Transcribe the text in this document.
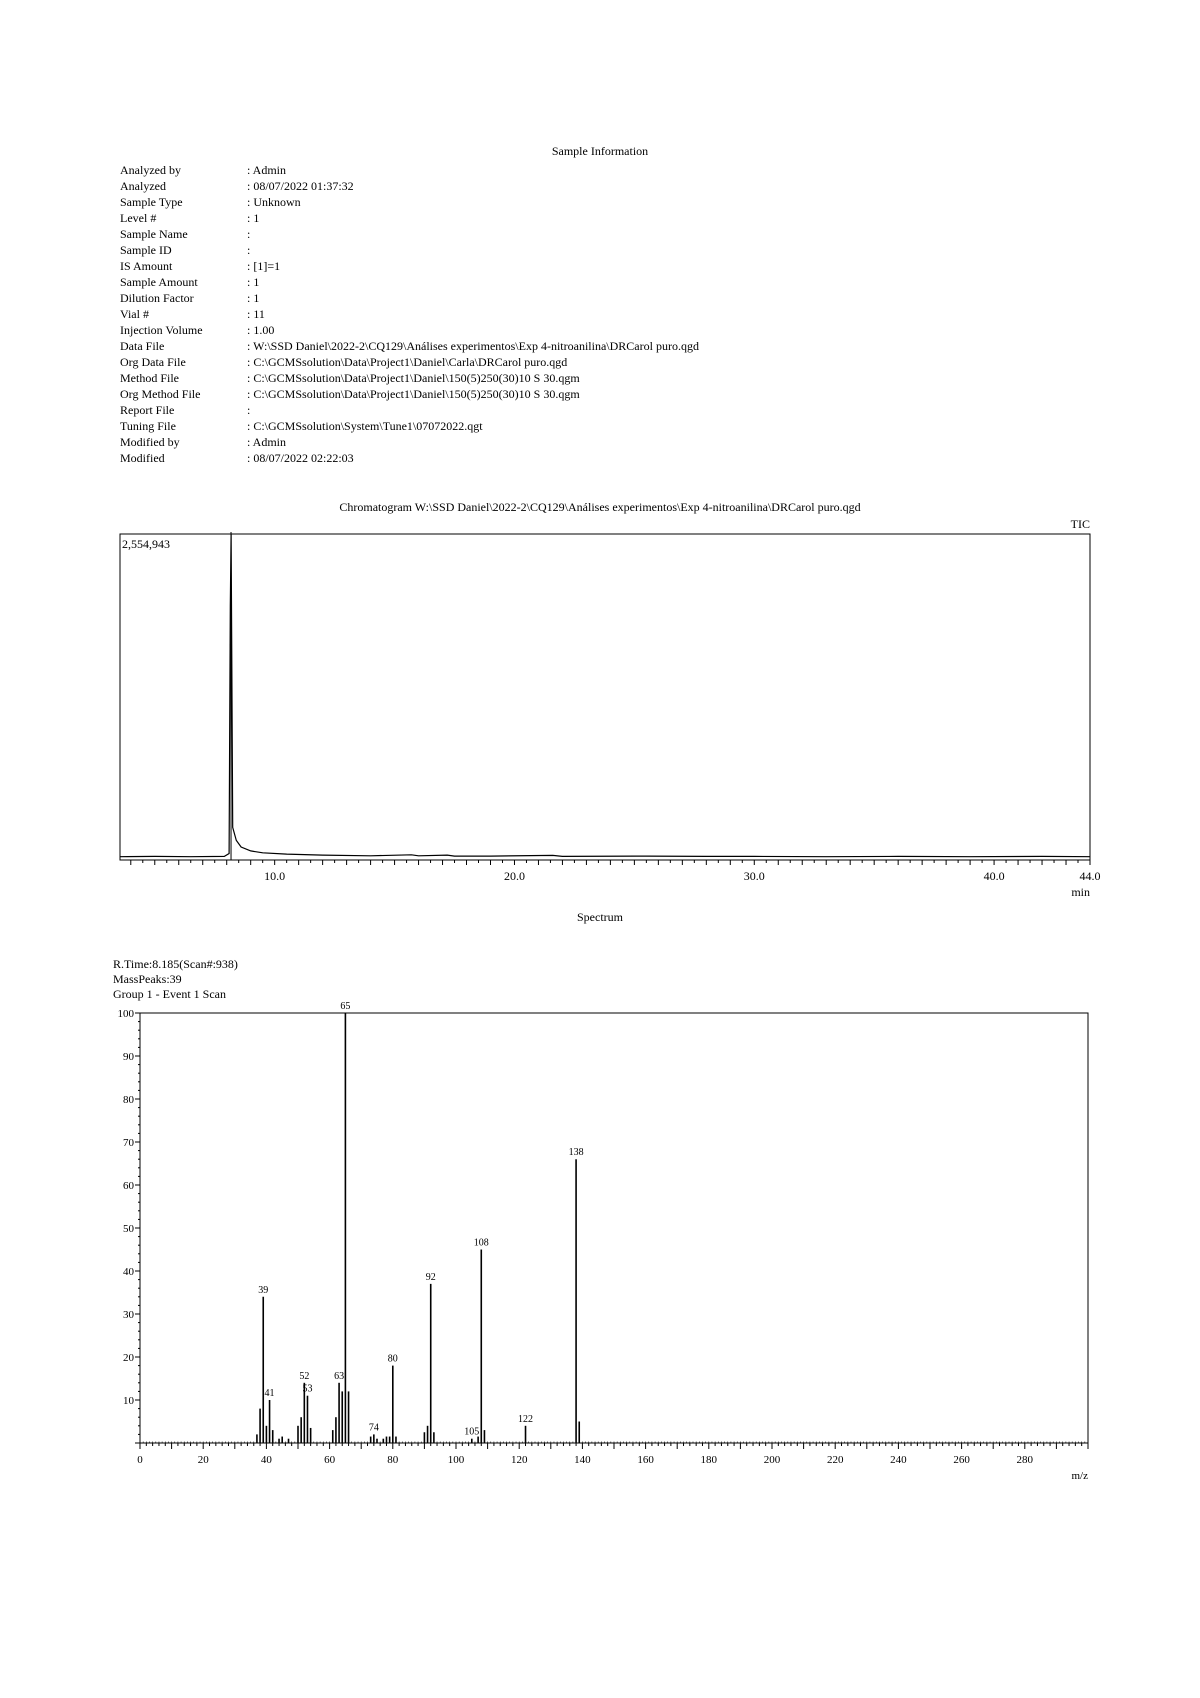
Sample Information
Analyzed by	: Admin
Analyzed	: 08/07/2022 01:37:32
Sample Type	: Unknown
Level #	: 1
Sample Name	:
Sample ID	:
IS Amount	: [1]=1
Sample Amount	: 1
Dilution Factor	: 1
Vial #	: 11
Injection Volume	: 1.00
Data File	: W:\SSD Daniel\2022-2\CQ129\Análises experimentos\Exp 4-nitroanilina\DRCarol puro.qgd
Org Data File	: C:\GCMSsolution\Data\Project1\Daniel\Carla\DRCarol puro.qgd
Method File	: C:\GCMSsolution\Data\Project1\Daniel\150(5)250(30)10 S 30.qgm
Org Method File	: C:\GCMSsolution\Data\Project1\Daniel\150(5)250(30)10 S 30.qgm
Report File	:
Tuning File	: C:\GCMSsolution\System\Tune1\07072022.qgt
Modified by	: Admin
Modified	: 08/07/2022 02:22:03
Chromatogram W:\SSD Daniel\2022-2\CQ129\Análises experimentos\Exp 4-nitroanilina\DRCarol puro.qgd
2,554,943
TIC
10.0	20.0	30.0	40.0	44.0
min
Spectrum
R.Time:8.185(Scan#:938)
MassPeaks:39
Group 1 - Event 1 Scan
10
20
30
40
50
60
70
80
90
100
0	20	40	60	80	100	120	140	160	180	200	220	240	260	280
m/z
39
41
52
53
63
65
74
80
92
105
108
122
138
